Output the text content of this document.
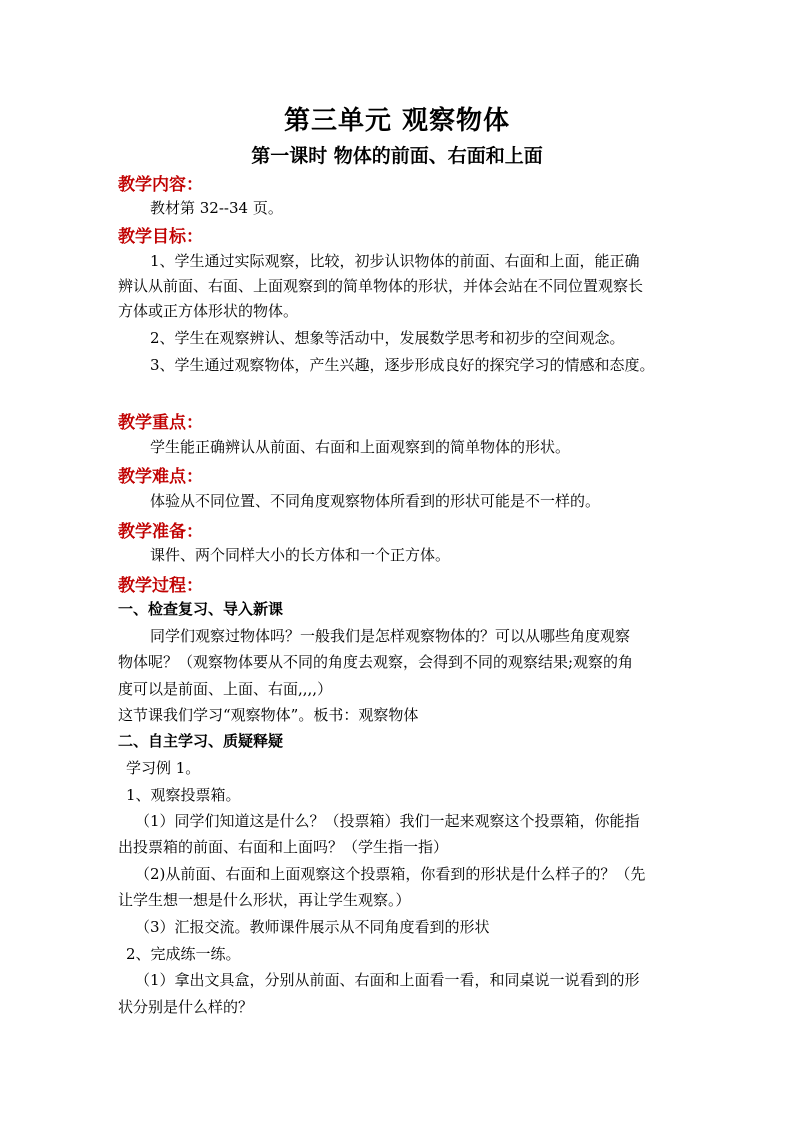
第三单元 观察物体
第一课时 物体的前面、右面和上面
教学内容：
教材第 32--34 页。
教学目标：
1、学生通过实际观察，比较，初步认识物体的前面、右面和上面，能正确
辨认从前面、右面、上面观察到的简单物体的形状，并体会站在不同位置观察长
方体或正方体形状的物体。
2、学生在观察辨认、想象等活动中，发展数学思考和初步的空间观念。
3、学生通过观察物体，产生兴趣，逐步形成良好的探究学习的情感和态度。
教学重点：
学生能正确辨认从前面、右面和上面观察到的简单物体的形状。
教学难点：
体验从不同位置、不同角度观察物体所看到的形状可能是不一样的。
教学准备：
课件、两个同样大小的长方体和一个正方体。
教学过程：
一、检查复习、导入新课
同学们观察过物体吗？一般我们是怎样观察物体的？可以从哪些角度观察
物体呢？（观察物体要从不同的角度去观察，会得到不同的观察结果;观察的角
度可以是前面、上面、右面,,,,）
这节课我们学习“观察物体”。板书：观察物体
二、自主学习、质疑释疑
学习例 1。
1、观察投票箱。
（1）同学们知道这是什么？（投票箱）我们一起来观察这个投票箱，你能指
出投票箱的前面、右面和上面吗？（学生指一指）
（2)从前面、右面和上面观察这个投票箱，你看到的形状是什么样子的？（先
让学生想一想是什么形状，再让学生观察。）
（3）汇报交流。教师课件展示从不同角度看到的形状
2、完成练一练。
（1）拿出文具盒，分别从前面、右面和上面看一看，和同桌说一说看到的形
状分别是什么样的？
